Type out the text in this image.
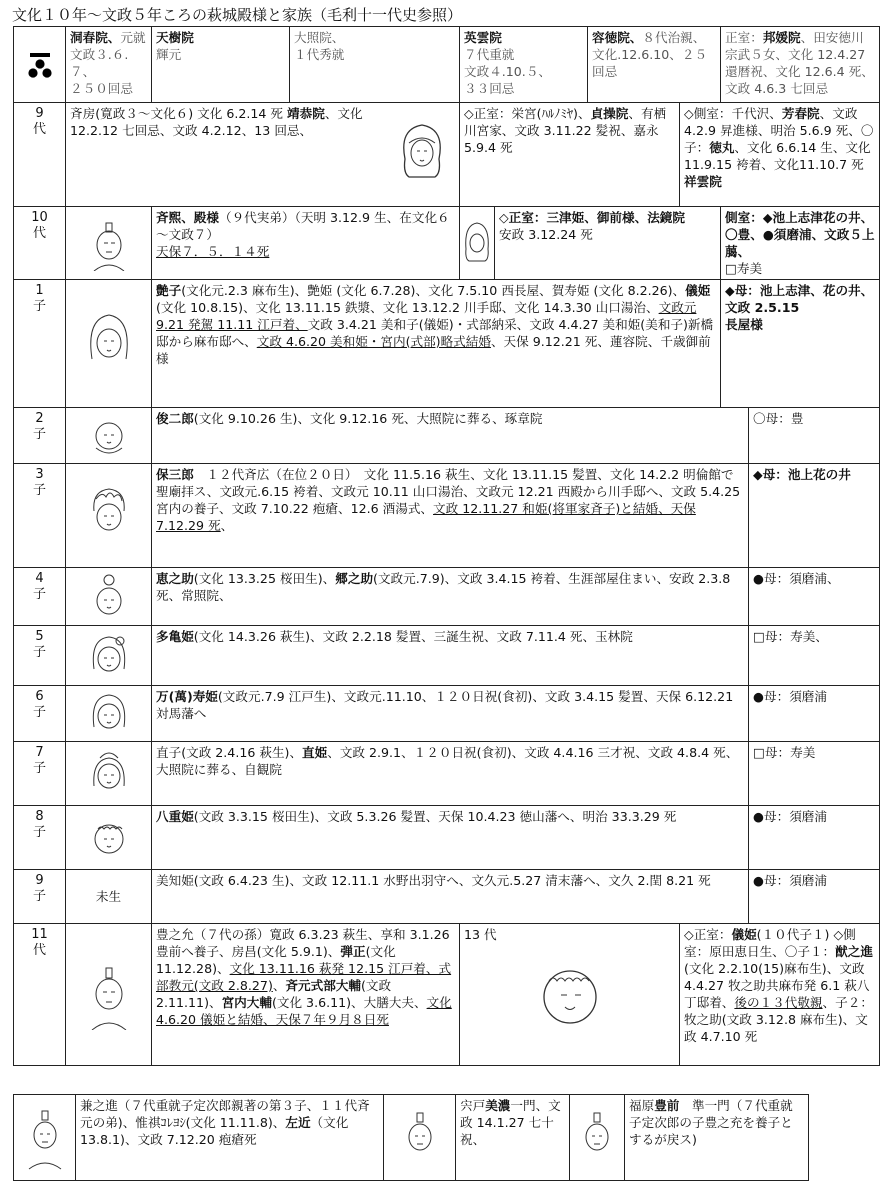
文化１０年～文政５年ころの萩城殿様と家族（毛利十一代史参照）
	洞春院、元就
文政３.６.７、
２５０回忌	天樹院
輝元	大照院、
１代秀就	英雲院
７代重就
文政４.10.５、
３３回忌		容徳院、８代治親、
文化.12.6.10、２５
回忌		正室：邦媛院、田安徳川宗武５女、文化 12.4.27 還暦祝、文化 12.6.4 死、文政 4.6.3 七回忌	
9
代	斉房(寛政３～文化６) 文化 6.2.14 死 靖恭院、文化 12.2.12 七回忌、文政 4.2.12、13 回忌、			◇正室：栄宮(ﾊﾙﾉﾐﾔ)、貞操院、有栖川宮家、文政 3.11.22 髪祝、嘉永 5.9.4 死			◇側室：千代沢、芳春院、文政 4.2.9 昇進様、明治 5.6.9 死、〇子：徳丸、文化 6.6.14 生、文化11.9.15 袴着、文化11.10.7 死祥雲院		
10
代		斉煕、殿様（９代実弟）（天明 3.12.9 生、在文化６～文政７）
天保７．５．１４死			◇正室：三津姫、御前様、法鏡院
安政 3.12.24 死			側室：◆池上志津花の井、〇豊、●須磨浦、文政５上﨟、
□寿美	
1
子		艶子(文化元.2.3 麻布生)、艶姫 (文化 6.7.28)、文化 7.5.10 西長屋、賀寿姫 (文化 8.2.26)、儀姫(文化 10.8.15)、文化 13.11.15 鉄漿、文化 13.12.2 川手邸、文化 14.3.30 山口湯治、文政元 9.21 発駕 11.11 江戸着、文政 3.4.21 美和子(儀姫)・式部納采、文政 4.4.27 美和姫(美和子)新橋邸から麻布邸へ、文政 4.6.20 美和姫・宮内(式部)略式結婚、天保 9.12.21 死、蓮容院、千歳御前様						◆母：池上志津、花の井、文政 2.5.15
長屋様	
2
子		俊二郎(文化 9.10.26 生)、文化 9.12.16 死、大照院に葬る、琢章院							〇母：豊
3
子		保三郎　１２代斉広（在位２０日）　文化 11.5.16 萩生、文化 13.11.15 髪置、文化 14.2.2 明倫館で聖廟拝ス、文政元.6.15 袴着、文政元 10.11 山口湯治、文政元 12.21 西殿から川手邸へ、文政 5.4.25 宮内の養子、文政 7.10.22 疱瘡、12.6 酒湯式、文政 12.11.27 和姫(将軍家斉子)と結婚、天保 7.12.29 死、							◆母：池上花の井
4
子		恵之助(文化 13.3.25 桜田生)、郷之助(文政元.7.9)、文政 3.4.15 袴着、生涯部屋住まい、安政 2.3.8 死、常照院、							●母：須磨浦、
5
子		多亀姫(文化 14.3.26 萩生)、文政 2.2.18 髪置、三誕生祝、文政 7.11.4 死、玉林院							□母：寿美、
6
子		万(萬)寿姫(文政元.7.9 江戸生)、文政元.11.10、１２０日祝(食初)、文政 3.4.15 髪置、天保 6.12.21 対馬藩へ							●母：須磨浦
7
子		直子(文政 2.4.16 萩生)、直姫、文政 2.9.1、１２０日祝(食初)、文政 4.4.16 三才祝、文政 4.8.4 死、大照院に葬る、自観院							□母：寿美
8
子		八重姫(文政 3.3.15 桜田生)、文政 5.3.26 髪置、天保 10.4.23 徳山藩へ、明治 33.3.29 死							●母：須磨浦
9
子	未生	美知姫(文政 6.4.23 生)、文政 12.11.1 水野出羽守へ、文久元.5.27 清末藩へ、文久 2.閏 8.21 死							●母：須磨浦
11
代		豊之允（７代の孫）寛政 6.3.23 萩生、享和 3.1.26 豊前へ養子、房昌(文化 5.9.1)、弾正(文化 11.12.28)、文化 13.11.16 萩発 12.15 江戸着、式部教元(文政 2.8.27)、斉元式部大輔(文政 2.11.11)、宮内大輔(文化 3.6.11)、大膳大夫、文化 4.6.20 儀姫と結婚、天保７年９月８日死		13 代			◇正室：儀姫(１０代子１) ◇側室：原田恵日生、〇子１：猷之進(文化 2.2.10(15)麻布生)、文政 4.4.27 牧之助共麻布発 6.1 萩八丁邸着、後の１３代敬親、子２：牧之助(文政 3.12.8 麻布生)、文政 4.7.10 死		
	兼之進（７代重就子定次郎親著の第３子、１１代斉元の弟)、惟祺ｺﾚﾖｼ(文化 11.11.8)、左近（文化 13.8.1)、文政 7.12.20 疱瘡死	
	宍戸美濃一門、文政 14.1.27 七十祝、	
	福原豊前　準一門（７代重就子定次郎の子豊之充を養子とするが戻ス)
